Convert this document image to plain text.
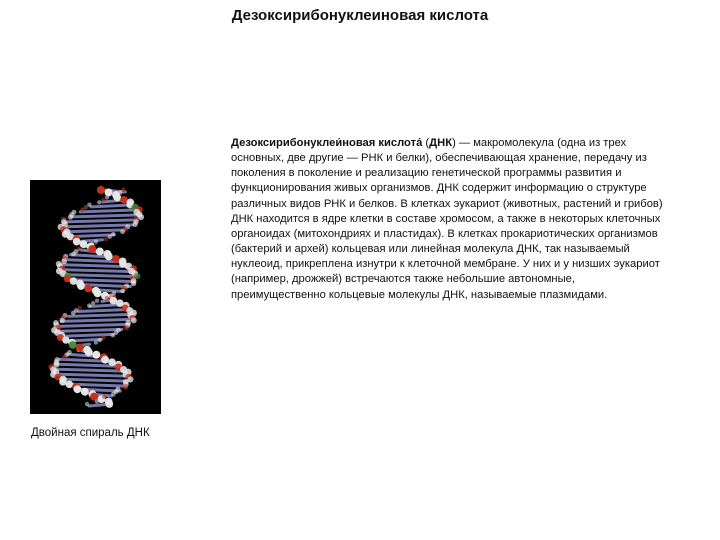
Дезоксирибонуклеиновая кислота
Двойная спираль ДНК
Дезоксирибонуклеи́новая кислота́ (ДНК) — макромолекула (одна из трех основных, две другие — РНК и белки), обеспечивающая хранение, передачу из поколения в поколение и реализацию генетической программы развития и функционирования живых организмов. ДНК содержит информацию о структуре различных видов РНК и белков. В клетках эукариот (животных, растений и грибов) ДНК находится в ядре клетки в составе хромосом, а также в некоторых клеточных органоидах (митохондриях и пластидах). В клетках прокариотических организмов (бактерий и архей) кольцевая или линейная молекула ДНК, так называемый нуклеоид, прикреплена изнутри к клеточной мембране. У них и у низших эукариот (например, дрожжей) встречаются также небольшие автономные, преимущественно кольцевые молекулы ДНК, называемые плазмидами.
